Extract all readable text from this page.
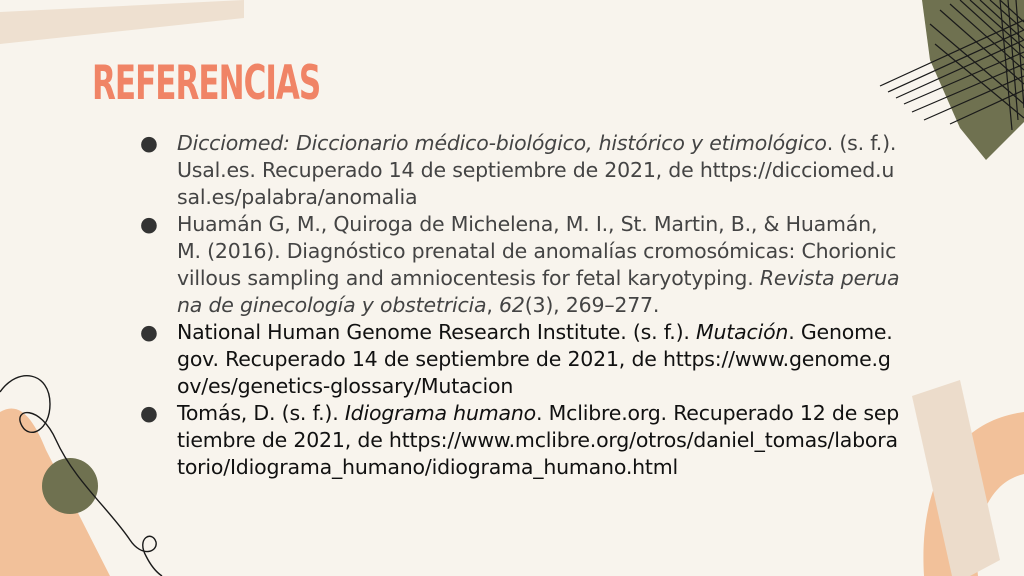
REFERENCIAS
● Dicciomed: Diccionario médico-biológico, histórico y etimológico. (s. f.). Usal.es. Recuperado 14 de septiembre de 2021, de https://dicciomed.usal.es/palabra/anomalia
● Huamán G, M., Quiroga de Michelena, M. I., St. Martin, B., & Huamán, M. (2016). Diagnóstico prenatal de anomalías cromosómicas: Chorionic villous sampling and amniocentesis for fetal karyotyping. Revista peruana de ginecología y obstetricia, 62(3), 269–277.
● National Human Genome Research Institute. (s. f.). Mutación. Genome.gov. Recuperado 14 de septiembre de 2021, de https://www.genome.gov/es/genetics-glossary/Mutacion
● Tomás, D. (s. f.). Idiograma humano. Mclibre.org. Recuperado 12 de septiembre de 2021, de https://www.mclibre.org/otros/daniel_tomas/laboratorio/Idiograma_humano/idiograma_humano.html
